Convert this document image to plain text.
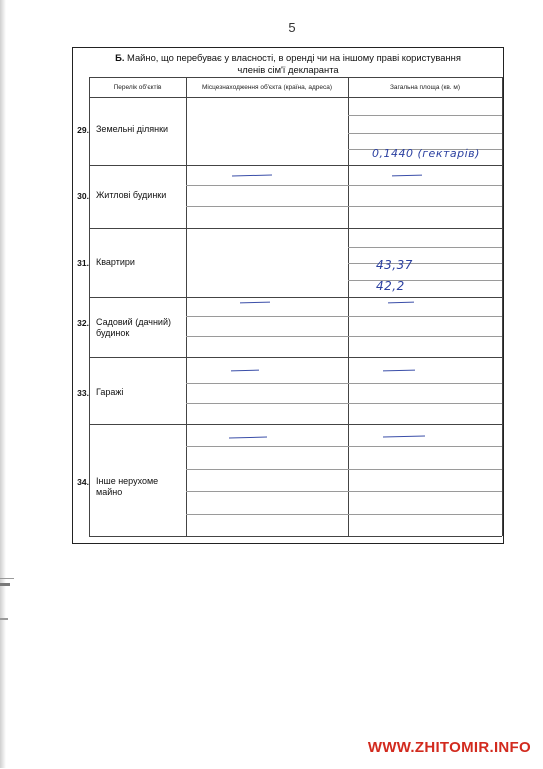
5
Б. Майно, що перебуває у власності, в оренді чи на іншому праві користування
членів сім'ї декларанта
Перелік об'єктів	Місцезнаходження об'єкта (країна, адреса)	Загальна площа (кв. м)
29. Земельні ділянки
30. Житлові будинки
31. Квартири
32. Садовий (дачний) будинок
33. Гаражі
34. Інше нерухоме майно
0,1440 (гектарів)
43,37
42,2
WWW.ZHITOMIR.INFO
